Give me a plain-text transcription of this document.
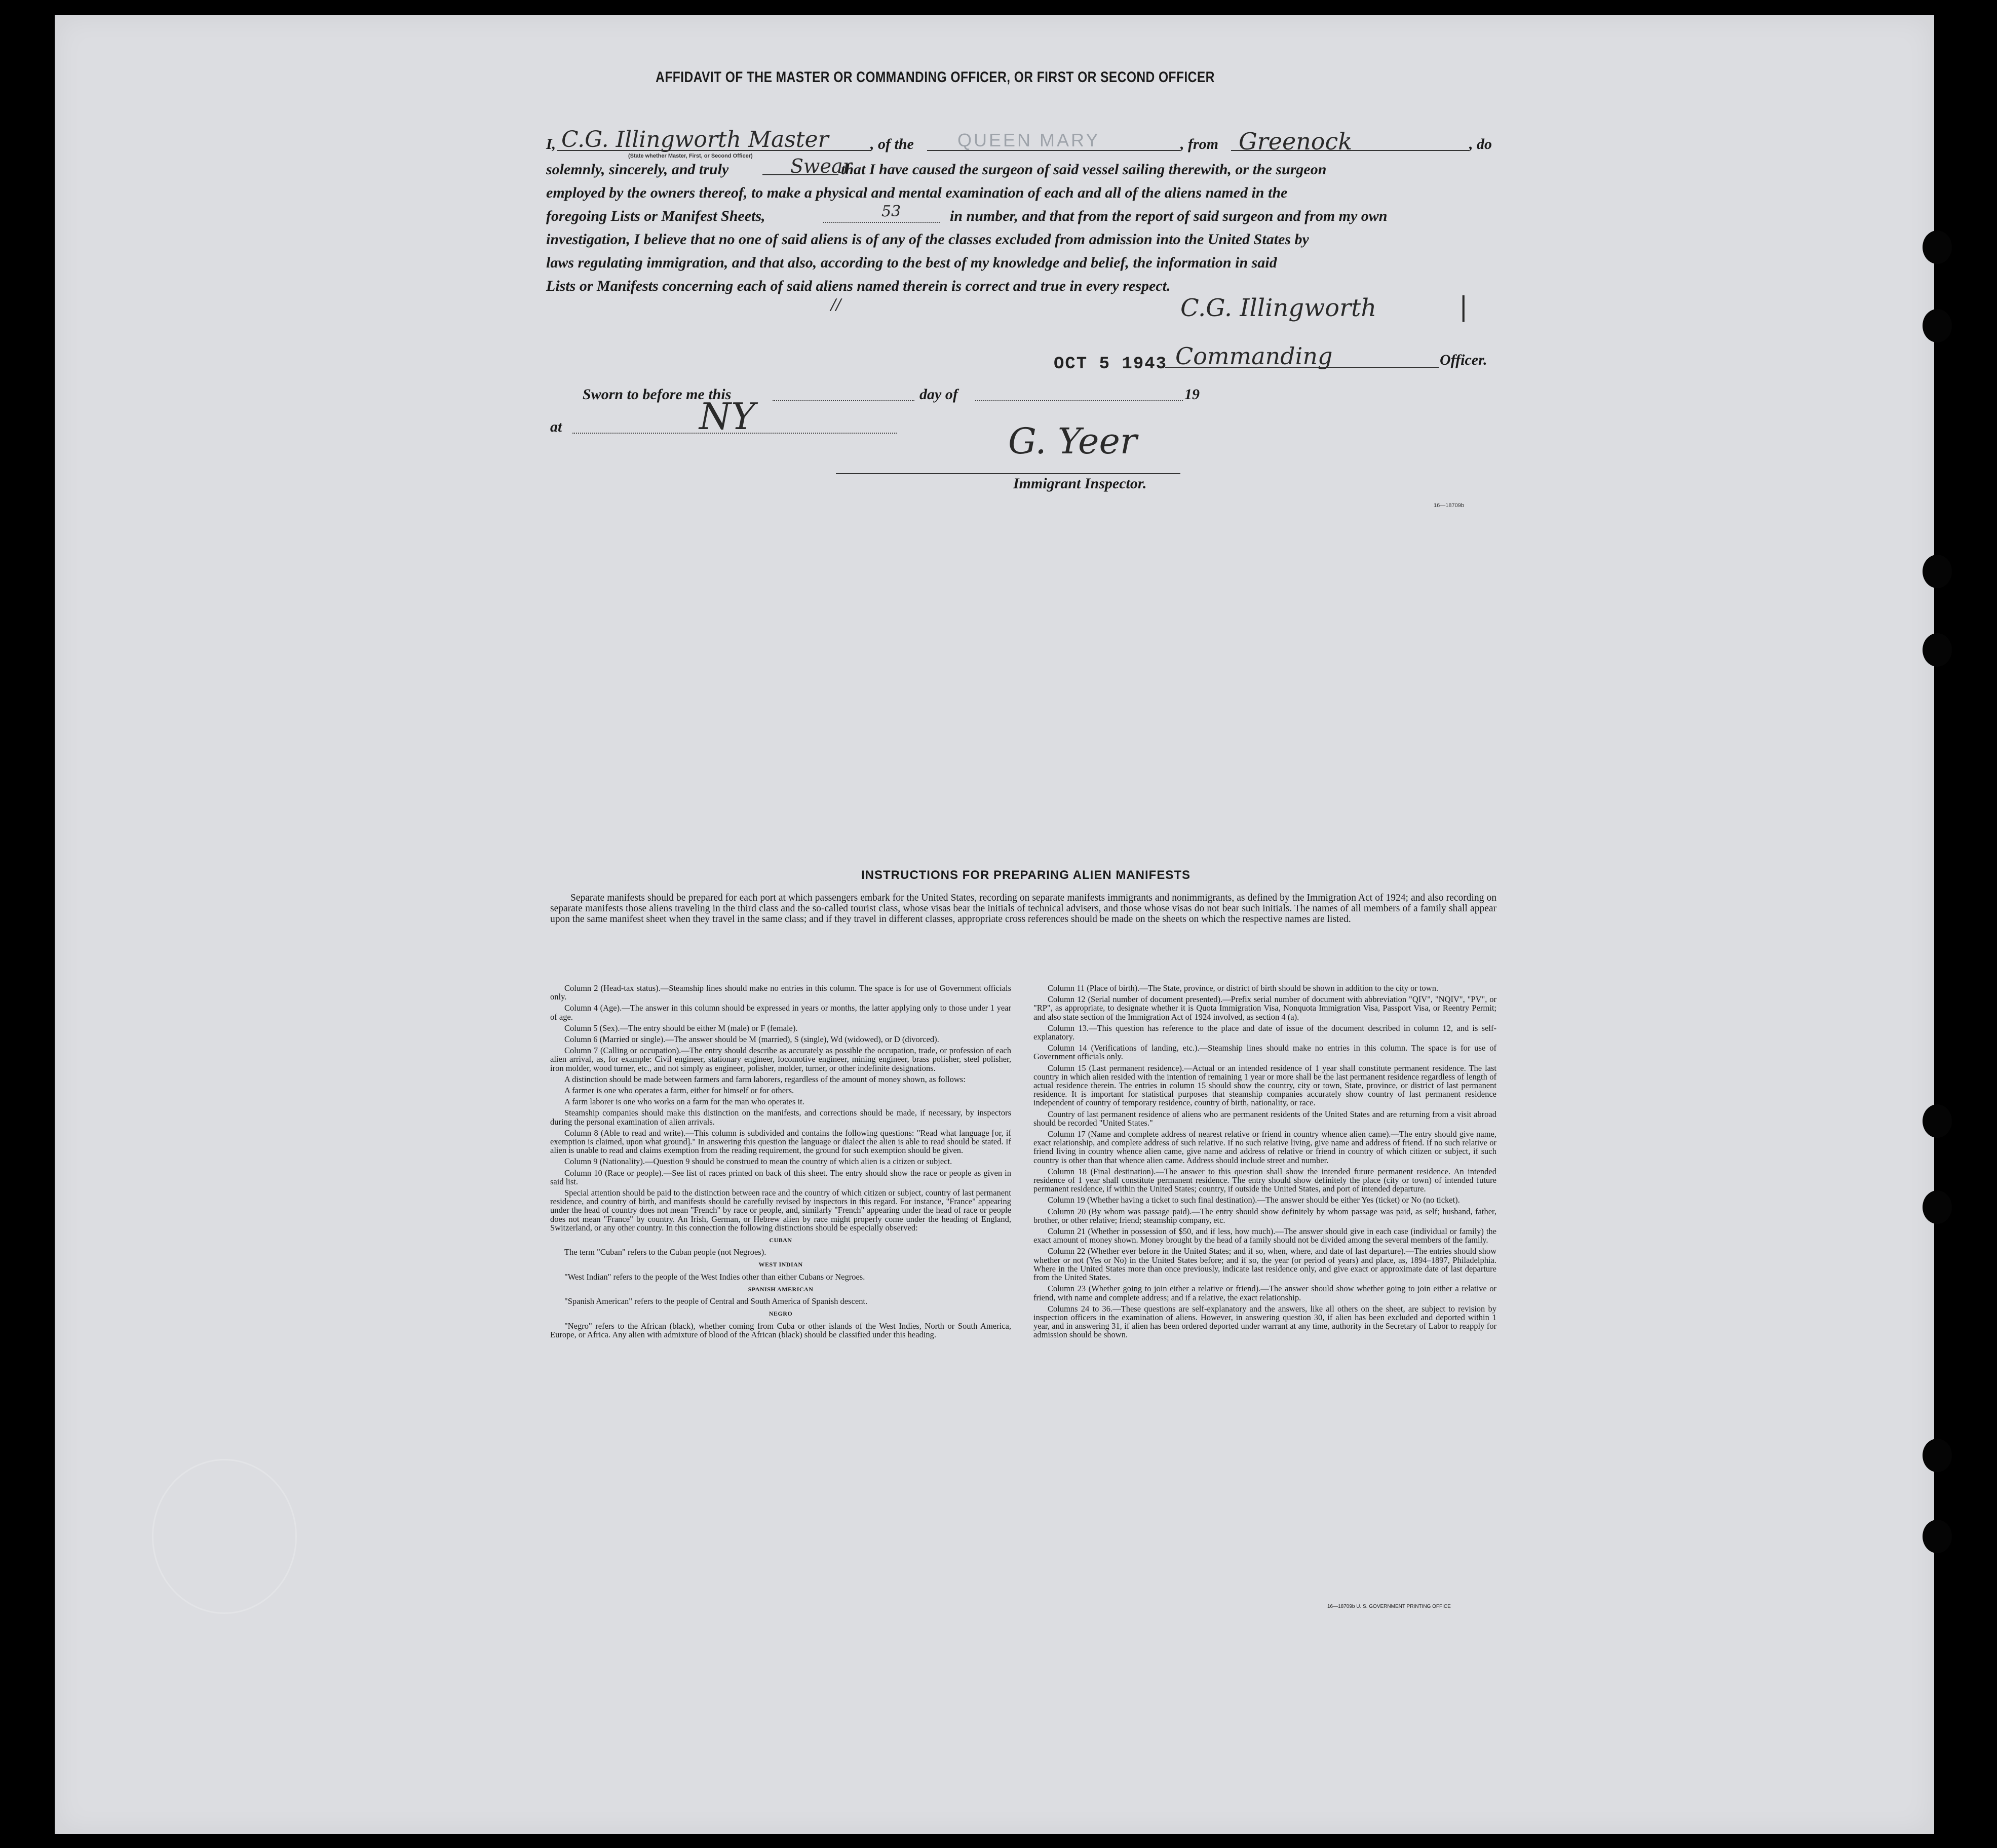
AFFIDAVIT OF THE MASTER OR COMMANDING OFFICER, OR FIRST OR SECOND OFFICER
I, C.G. Illingworth Master
(State whether Master, First, or Second Officer)
, of the QUEEN MARY	, from Greenock	, do
solemnly, sincerely, and truly	Swear
that I have caused the surgeon of said vessel sailing therewith, or the surgeon
employed by the owners thereof, to make a physical and mental examination of each and all of the aliens named in the
foregoing Lists or Manifest Sheets,	53	in number, and that from the report of said surgeon and from my own
investigation, I believe that no one of said aliens is of any of the classes excluded from admission into the United States by
laws regulating immigration, and that also, according to the best of my knowledge and belief, the information in said
Lists or Manifests concerning each of said aliens named therein is correct and true in every respect.
//	C.G. Illingworth	|
OCT 5 1943 Commanding	Officer.
Sworn to before me this	day of	19
at	NY
G. Yeer
Immigrant Inspector.
16—18709b
INSTRUCTIONS FOR PREPARING ALIEN MANIFESTS
Separate manifests should be prepared for each port at which passengers embark for the United States, recording on separate manifests immigrants and nonimmigrants, as defined by the Immigration Act of 1924; and also recording on separate manifests those aliens traveling in the third class and the so-called tourist class, whose visas bear the initials of technical advisers, and those whose visas do not bear such initials. The names of all members of a family shall appear upon the same manifest sheet when they travel in the same class; and if they travel in different classes, appropriate cross references should be made on the sheets on which the respective names are listed.

Column 2 (Head-tax status).—Steamship lines should make no entries in this column. The space is for use of Government officials only.

Column 4 (Age).—The answer in this column should be expressed in years or months, the latter applying only to those under 1 year of age.

Column 5 (Sex).—The entry should be either M (male) or F (female).

Column 6 (Married or single).—The answer should be M (married), S (single), Wd (widowed), or D (divorced).

Column 7 (Calling or occupation).—The entry should describe as accurately as possible the occupation, trade, or profession of each alien arrival, as, for example: Civil engineer, stationary engineer, locomotive engineer, mining engineer, brass polisher, steel polisher, iron molder, wood turner, etc., and not simply as engineer, polisher, molder, turner, or other indefinite designations.

A distinction should be made between farmers and farm laborers, regardless of the amount of money shown, as follows:

A farmer is one who operates a farm, either for himself or for others.

A farm laborer is one who works on a farm for the man who operates it.

Steamship companies should make this distinction on the manifests, and corrections should be made, if necessary, by inspectors during the personal examination of alien arrivals.

Column 8 (Able to read and write).—This column is subdivided and contains the following questions: "Read what language [or, if exemption is claimed, upon what ground]." In answering this question the language or dialect the alien is able to read should be stated. If alien is unable to read and claims exemption from the reading requirement, the ground for such exemption should be given.

Column 9 (Nationality).—Question 9 should be construed to mean the country of which alien is a citizen or subject.

Column 10 (Race or people).—See list of races printed on back of this sheet. The entry should show the race or people as given in said list.

Special attention should be paid to the distinction between race and the country of which citizen or subject, country of last permanent residence, and country of birth, and manifests should be carefully revised by inspectors in this regard. For instance, "France" appearing under the head of country does not mean "French" by race or people, and, similarly "French" appearing under the head of race or people does not mean "France" by country. An Irish, German, or Hebrew alien by race might properly come under the heading of England, Switzerland, or any other country. In this connection the following distinctions should be especially observed:

CUBAN

The term "Cuban" refers to the Cuban people (not Negroes).

WEST INDIAN

"West Indian" refers to the people of the West Indies other than either Cubans or Negroes.

SPANISH AMERICAN

"Spanish American" refers to the people of Central and South America of Spanish descent.

NEGRO

"Negro" refers to the African (black), whether coming from Cuba or other islands of the West Indies, North or South America, Europe, or Africa. Any alien with admixture of blood of the African (black) should be classified under this heading.

Column 11 (Place of birth).—The State, province, or district of birth should be shown in addition to the city or town.

Column 12 (Serial number of document presented).—Prefix serial number of document with abbreviation "QIV", "NQIV", "PV", or "RP", as appropriate, to designate whether it is Quota Immigration Visa, Nonquota Immigration Visa, Passport Visa, or Reentry Permit; and also state section of the Immigration Act of 1924 involved, as section 4 (a).

Column 13.—This question has reference to the place and date of issue of the document described in column 12, and is self-explanatory.

Column 14 (Verifications of landing, etc.).—Steamship lines should make no entries in this column. The space is for use of Government officials only.

Column 15 (Last permanent residence).—Actual or an intended residence of 1 year shall constitute permanent residence. The last country in which alien resided with the intention of remaining 1 year or more shall be the last permanent residence regardless of length of actual residence therein. The entries in column 15 should show the country, city or town, State, province, or district of last permanent residence. It is important for statistical purposes that steamship companies accurately show country of last permanent residence independent of country of temporary residence, country of birth, nationality, or race.

Country of last permanent residence of aliens who are permanent residents of the United States and are returning from a visit abroad should be recorded "United States."

Column 17 (Name and complete address of nearest relative or friend in country whence alien came).—The entry should give name, exact relationship, and complete address of such relative. If no such relative living, give name and address of friend. If no such relative or friend living in country whence alien came, give name and address of relative or friend in country of which citizen or subject, if such country is other than that whence alien came. Address should include street and number.

Column 18 (Final destination).—The answer to this question shall show the intended future permanent residence. An intended residence of 1 year shall constitute permanent residence. The entry should show definitely the place (city or town) of intended future permanent residence, if within the United States; country, if outside the United States, and port of intended departure.

Column 19 (Whether having a ticket to such final destination).—The answer should be either Yes (ticket) or No (no ticket).

Column 20 (By whom was passage paid).—The entry should show definitely by whom passage was paid, as self; husband, father, brother, or other relative; friend; steamship company, etc.

Column 21 (Whether in possession of $50, and if less, how much).—The answer should give in each case (individual or family) the exact amount of money shown. Money brought by the head of a family should not be divided among the several members of the family.

Column 22 (Whether ever before in the United States; and if so, when, where, and date of last departure).—The entries should show whether or not (Yes or No) in the United States before; and if so, the year (or period of years) and place, as, 1894–1897, Philadelphia. Where in the United States more than once previously, indicate last residence only, and give exact or approximate date of last departure from the United States.

Column 23 (Whether going to join either a relative or friend).—The answer should show whether going to join either a relative or friend, with name and complete address; and if a relative, the exact relationship.

Columns 24 to 36.—These questions are self-explanatory and the answers, like all others on the sheet, are subject to revision by inspection officers in the examination of aliens. However, in answering question 30, if alien has been excluded and deported within 1 year, and in answering 31, if alien has been ordered deported under warrant at any time, authority in the Secretary of Labor to reapply for admission should be shown.

16—18709b U. S. GOVERNMENT PRINTING OFFICE
